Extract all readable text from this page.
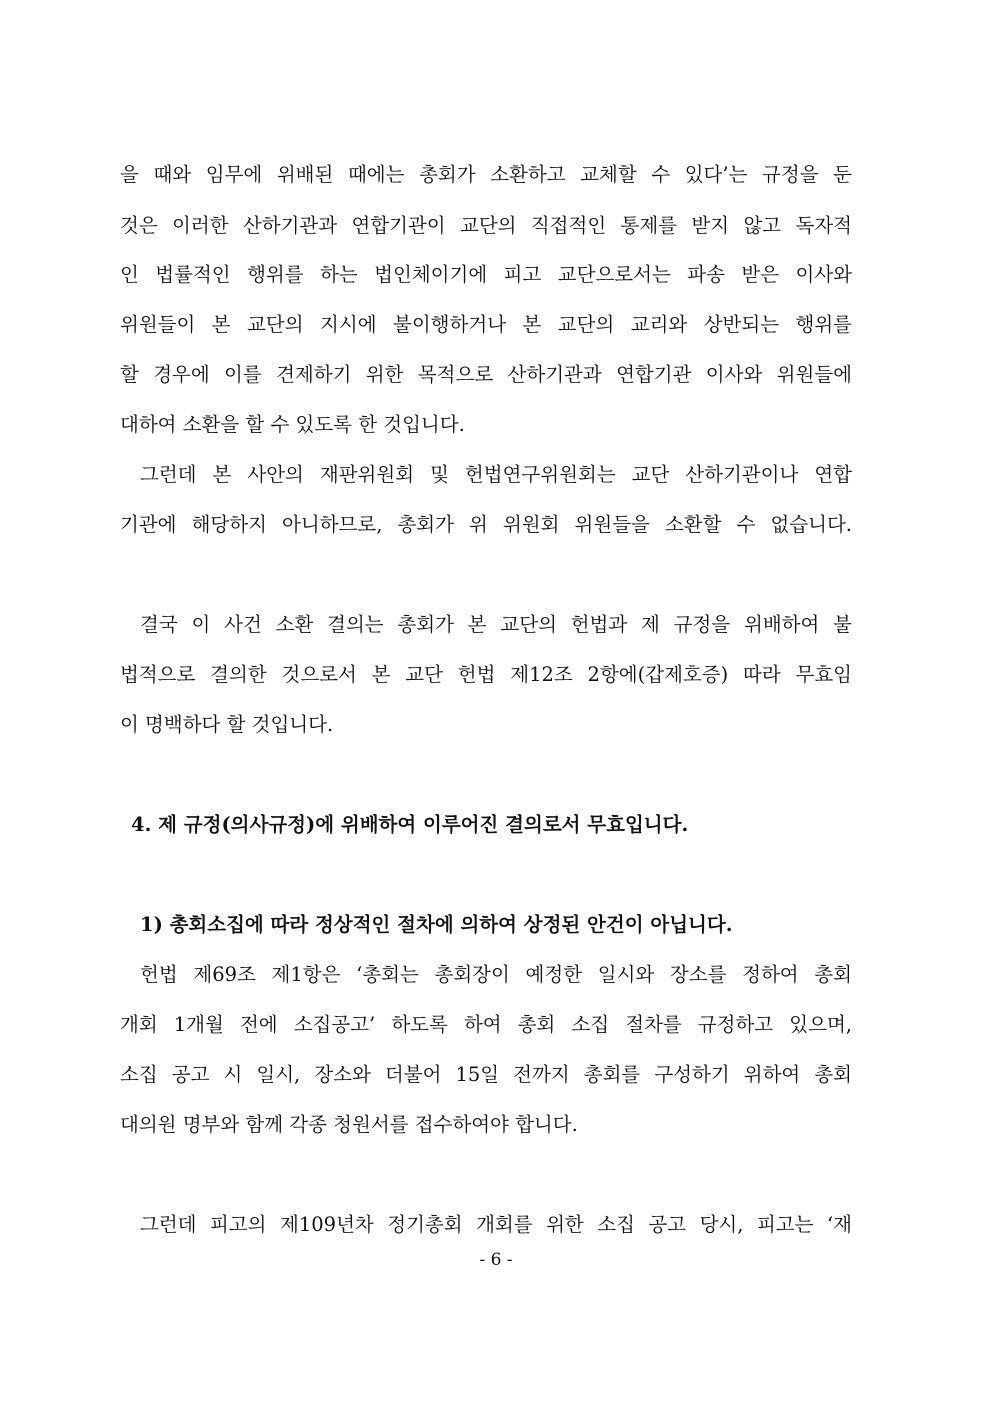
을 때와 임무에 위배된 때에는 총회가 소환하고 교체할 수 있다’는 규정을 둔
것은 이러한 산하기관과 연합기관이 교단의 직접적인 통제를 받지 않고 독자적
인 법률적인 행위를 하는 법인체이기에 피고 교단으로서는 파송 받은 이사와
위원들이 본 교단의 지시에 불이행하거나 본 교단의 교리와 상반되는 행위를
할 경우에 이를 견제하기 위한 목적으로 산하기관과 연합기관 이사와 위원들에
대하여 소환을 할 수 있도록 한 것입니다.
그런데 본 사안의 재판위원회 및 헌법연구위원회는 교단 산하기관이나 연합
기관에 해당하지 아니하므로, 총회가 위 위원회 위원들을 소환할 수 없습니다.
결국 이 사건 소환 결의는 총회가 본 교단의 헌법과 제 규정을 위배하여 불
법적으로 결의한 것으로서 본 교단 헌법 제12조 2항에(갑제호증) 따라 무효임
이 명백하다 할 것입니다.
4. 제 규정(의사규정)에 위배하여 이루어진 결의로서 무효입니다.
1) 총회소집에 따라 정상적인 절차에 의하여 상정된 안건이 아닙니다.
헌법 제69조 제1항은 ‘총회는 총회장이 예정한 일시와 장소를 정하여 총회
개회 1개월 전에 소집공고’ 하도록 하여 총회 소집 절차를 규정하고 있으며,
소집 공고 시 일시, 장소와 더불어 15일 전까지 총회를 구성하기 위하여 총회
대의원 명부와 함께 각종 청원서를 접수하여야 합니다.
그런데 피고의 제109년차 정기총회 개회를 위한 소집 공고 당시, 피고는 ‘재
- 6 -
